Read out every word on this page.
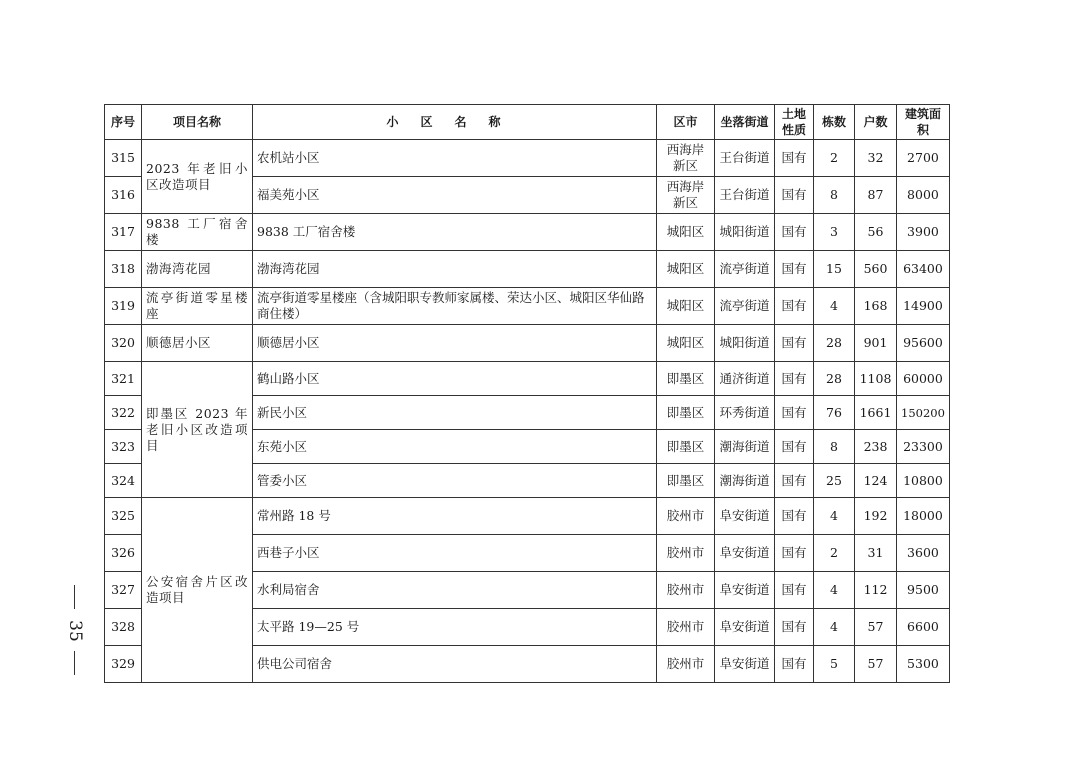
35
序号	项目名称	小区名称	区市	坐落街道	土地性质	栋数	户数	建筑面积
315	2023 年老旧小区改造项目	农机站小区	西海岸新区	王台街道	国有	2	32	2700
316		福美苑小区	西海岸新区	王台街道	国有	8	87	8000
317	9838 工厂宿舍楼	9838 工厂宿舍楼	城阳区	城阳街道	国有	3	56	3900
318	渤海湾花园	渤海湾花园	城阳区	流亭街道	国有	15	560	63400
319	流亭街道零星楼座	流亭街道零星楼座（含城阳职专教师家属楼、荣达小区、城阳区华仙路商住楼）	城阳区	流亭街道	国有	4	168	14900
320	顺德居小区	顺德居小区	城阳区	城阳街道	国有	28	901	95600
321	即墨区 2023 年老旧小区改造项目	鹤山路小区	即墨区	通济街道	国有	28	1108	60000
322		新民小区	即墨区	环秀街道	国有	76	1661	150200
323		东苑小区	即墨区	潮海街道	国有	8	238	23300
324		管委小区	即墨区	潮海街道	国有	25	124	10800
325	公安宿舍片区改造项目	常州路 18 号	胶州市	阜安街道	国有	4	192	18000
326		西巷子小区	胶州市	阜安街道	国有	2	31	3600
327		水利局宿舍	胶州市	阜安街道	国有	4	112	9500
328		太平路 19—25 号	胶州市	阜安街道	国有	4	57	6600
329		供电公司宿舍	胶州市	阜安街道	国有	5	57	5300
